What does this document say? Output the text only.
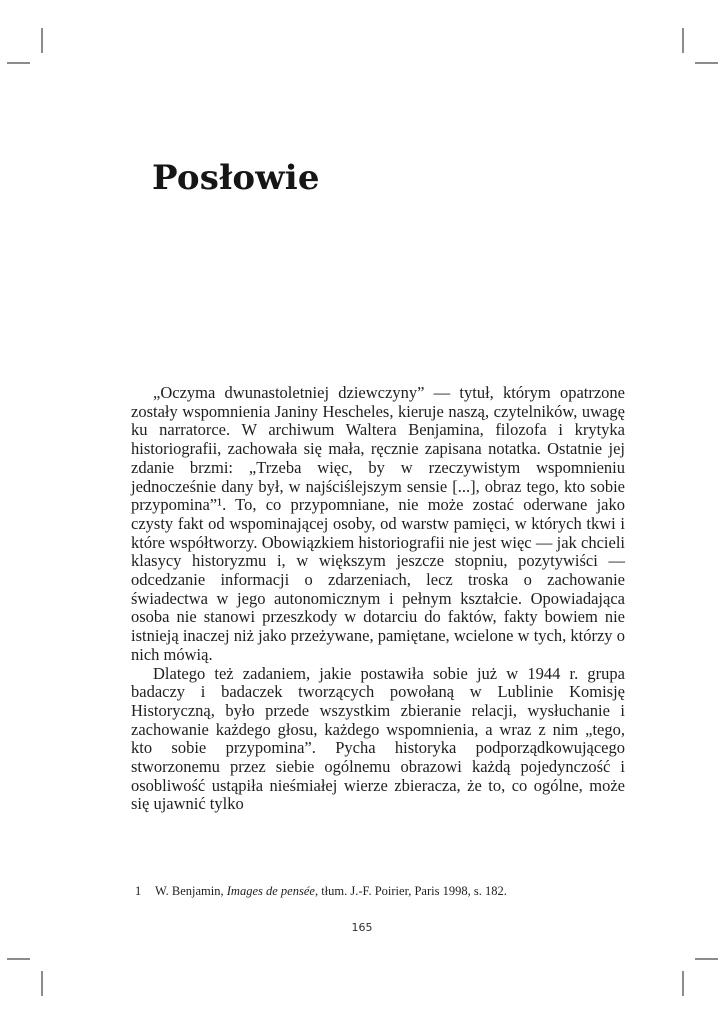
Posłowie

„Oczyma dwunastoletniej dziewczyny” — tytuł, którym opatrzone zostały wspomnienia Janiny Hescheles, kieruje naszą, czytelników, uwagę ku narratorce. W archiwum Waltera Benjamina, filozofa i krytyka historiografii, zachowała się mała, ręcznie zapisana notatka. Ostatnie jej zdanie brzmi: „Trzeba więc, by w rzeczywistym wspomnieniu jednocześnie dany był, w najściślejszym sensie [...], obraz tego, kto sobie przypomina”¹. To, co przypomniane, nie może zostać oderwane jako czysty fakt od wspominającej osoby, od warstw pamięci, w których tkwi i które współtworzy. Obowiązkiem historiografii nie jest więc — jak chcieli klasycy historyzmu i, w większym jeszcze stopniu, pozytywiści — odcedzanie informacji o zdarzeniach, lecz troska o zachowanie świadectwa w jego autonomicznym i pełnym kształcie. Opowiadająca osoba nie stanowi przeszkody w dotarciu do faktów, fakty bowiem nie istnieją inaczej niż jako przeżywane, pamiętane, wcielone w tych, którzy o nich mówią.

Dlatego też zadaniem, jakie postawiła sobie już w 1944 r. grupa badaczy i badaczek tworzących powołaną w Lublinie Komisję Historyczną, było przede wszystkim zbieranie relacji, wysłuchanie i zachowanie każdego głosu, każdego wspomnienia, a wraz z nim „tego, kto sobie przypomina”. Pycha historyka podporządkowującego stworzonemu przez siebie ogólnemu obrazowi każdą pojedynczość i osobliwość ustąpiła nieśmiałej wierze zbieracza, że to, co ogólne, może się ujawnić tylko

1	W. Benjamin, Images de pensée, tłum. J.-F. Poirier, Paris 1998, s. 182.
165
